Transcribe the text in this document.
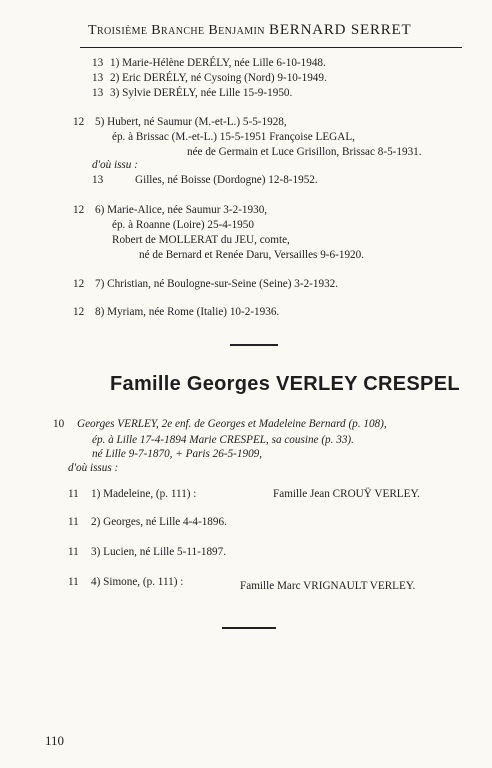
Troisième Branche Benjamin BERNARD SERRET
13 1) Marie-Hélène DERÉLY, née Lille 6-10-1948.
13 2) Eric DERÉLY, né Cysoing (Nord) 9-10-1949.
13 3) Sylvie DERÉLY, née Lille 15-9-1950.
12 5) Hubert, né Saumur (M.-et-L.) 5-5-1928,
ép. à Brissac (M.-et-L.) 15-5-1951 Françoise LEGAL,
née de Germain et Luce Grisillon, Brissac 8-5-1931.
d'où issu :
13	Gilles, né Boisse (Dordogne) 12-8-1952.
12 6) Marie-Alice, née Saumur 3-2-1930,
ép. à Roanne (Loire) 25-4-1950
Robert de MOLLERAT du JEU, comte,
né de Bernard et Renée Daru, Versailles 9-6-1920.
12 7) Christian, né Boulogne-sur-Seine (Seine) 3-2-1932.
12 8) Myriam, née Rome (Italie) 10-2-1936.
Famille Georges VERLEY CRESPEL
10 Georges VERLEY, 2e enf. de Georges et Madeleine Bernard (p. 108),
ép. à Lille 17-4-1894 Marie CRESPEL, sa cousine (p. 33).
né Lille 9-7-1870, + Paris 26-5-1909,
d'où issus :
11 1) Madeleine, (p. 111) :	Famille Jean CROUŸ VERLEY.
11 2) Georges, né Lille 4-4-1896.
11 3) Lucien, né Lille 5-11-1897.
11 4) Simone, (p. 111) :	Famille Marc VRIGNAULT VERLEY.
110
